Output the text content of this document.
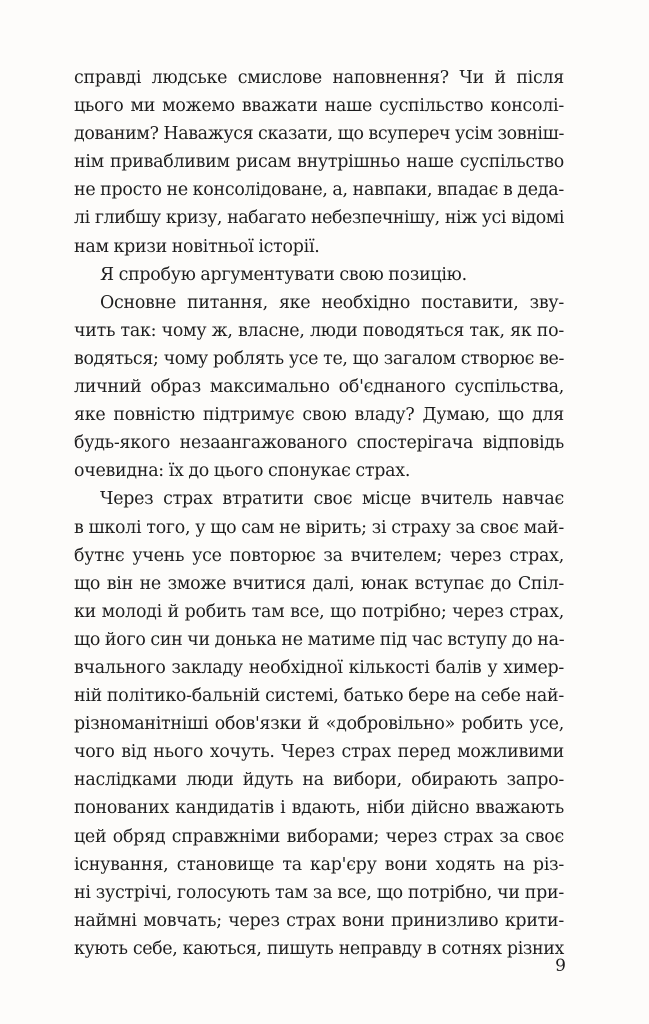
справді людське смислове наповнення? Чи й після
цього ми можемо вважати наше суспільство консолі-
дованим? Наважуся сказати, що всупереч усім зовніш-
нім привабливим рисам внутрішньо наше суспільство
не просто не консолідоване, а, навпаки, впадає в деда-
лі глибшу кризу, набагато небезпечнішу, ніж усі відомі
нам кризи новітньої історії.
Я спробую аргументувати свою позицію.
Основне питання, яке необхідно поставити, зву-
чить так: чому ж, власне, люди поводяться так, як по-
водяться; чому роблять усе те, що загалом створює ве-
личний образ максимально об'єднаного суспільства,
яке повністю підтримує свою владу? Думаю, що для
будь-якого незаангажованого спостерігача відповідь
очевидна: їх до цього спонукає страх.
Через страх втратити своє місце вчитель навчає
в школі того, у що сам не вірить; зі страху за своє май-
бутнє учень усе повторює за вчителем; через страх,
що він не зможе вчитися далі, юнак вступає до Спіл-
ки молоді й робить там все, що потрібно; через страх,
що його син чи донька не матиме під час вступу до на-
вчального закладу необхідної кількості балів у химер-
ній політико-бальній системі, батько бере на себе най-
різноманітніші обов'язки й «добровільно» робить усе,
чого від нього хочуть. Через страх перед можливими
наслідками люди йдуть на вибори, обирають запро-
понованих кандидатів і вдають, ніби дійсно вважають
цей обряд справжніми виборами; через страх за своє
існування, становище та кар'єру вони ходять на різ-
ні зустрічі, голосують там за все, що потрібно, чи при-
наймні мовчать; через страх вони принизливо крити-
кують себе, каються, пишуть неправду в сотнях різних
9
